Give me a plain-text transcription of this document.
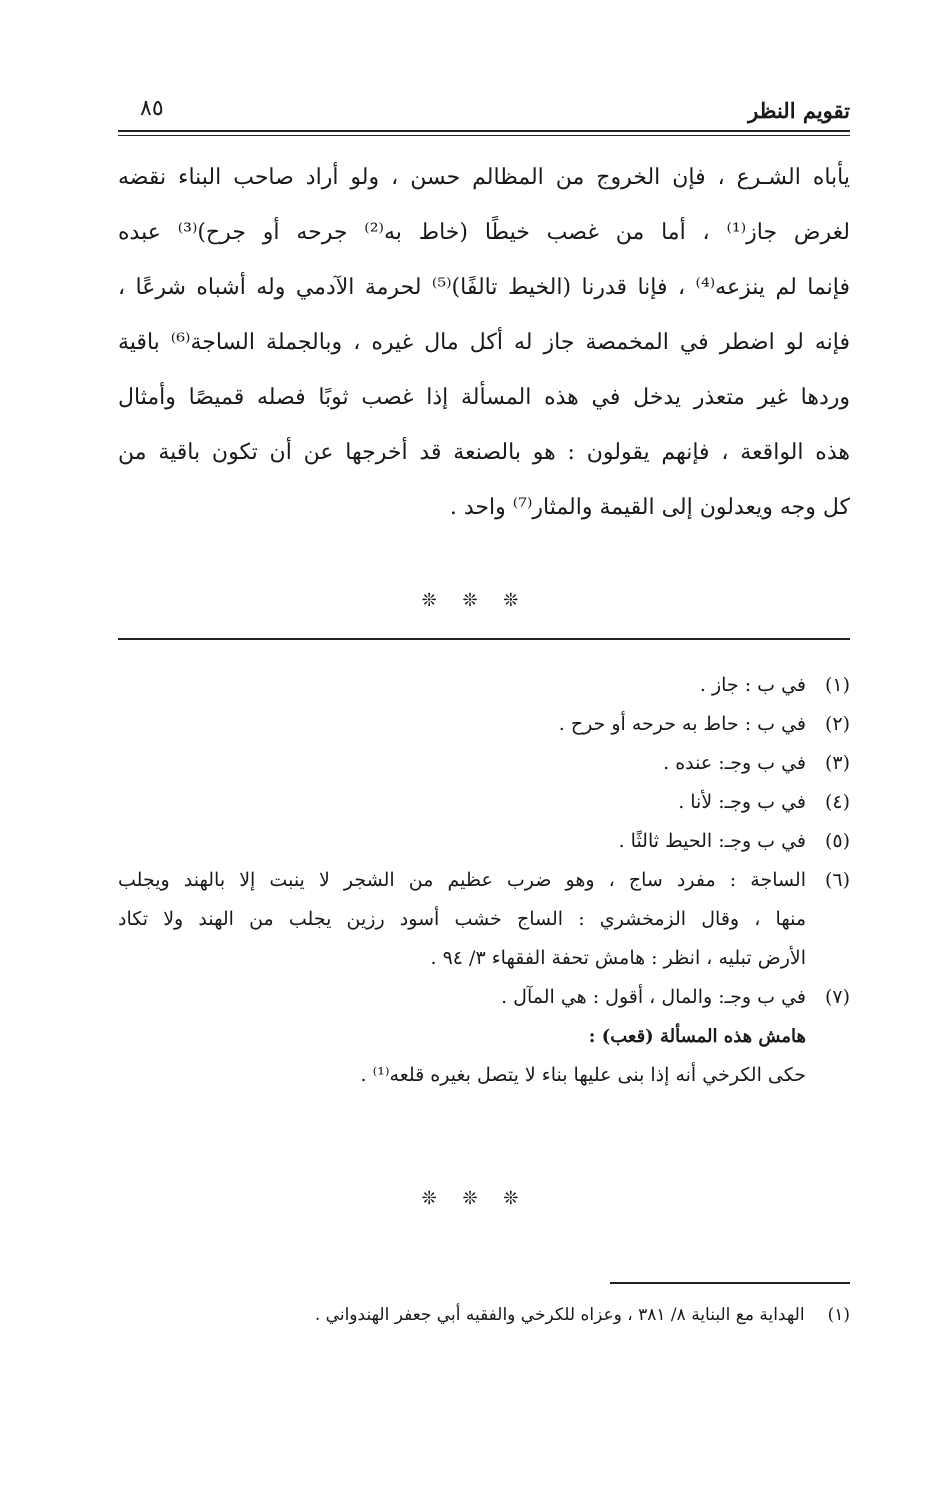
تقويم النظر
٨٥
يأباه الشـرع ، فإن الخروج من المظالم حسن ، ولو أراد صاحب البناء نقضه
لغرض جاز⁽¹⁾ ، أما من غصب خيطًا (خاط به⁽²⁾ جرحه أو جرح)⁽³⁾ عبده
فإنما لم ينزعه⁽⁴⁾ ، فإنا قدرنا (الخيط تالفًا)⁽⁵⁾ لحرمة الآدمي وله أشباه شرعًا ،
فإنه لو اضطر في المخمصة جاز له أكل مال غيره ، وبالجملة الساجة⁽⁶⁾ باقية
وردها غير متعذر يدخل في هذه المسألة إذا غصب ثوبًا فصله قميصًا وأمثال
هذه الواقعة ، فإنهم يقولون : هو بالصنعة قد أخرجها عن أن تكون باقية من
كل وجه ويعدلون إلى القيمة والمثار⁽⁷⁾ واحد .
❊ ❊ ❊
(١)
في ب : جاز .
(٢)
في ب : حاط به حرحه أو حرح .
(٣)
في ب وجـ: عنده .
(٤)
في ب وجـ: لأنا .
(٥)
في ب وجـ: الحيط ثالثًا .
(٦)
الساجة : مفرد ساج ، وهو ضرب عظيم من الشجر لا ينبت إلا بالهند ويجلب
منها ، وقال الزمخشري : الساج خشب أسود رزين يجلب من الهند ولا تكاد
الأرض تبليه ، انظر : هامش تحفة الفقهاء ٣/ ٩٤ .
(٧)
في ب وجـ: والمال ، أقول : هي المآل .
هامش هذه المسألة (قعب) :
حكى الكرخي أنه إذا بنى عليها بناء لا يتصل بغيره قلعه⁽¹⁾ .
❊ ❊ ❊
(١) الهداية مع البناية ٨/ ٣٨١ ، وعزاه للكرخي والفقيه أبي جعفر الهندواني .
